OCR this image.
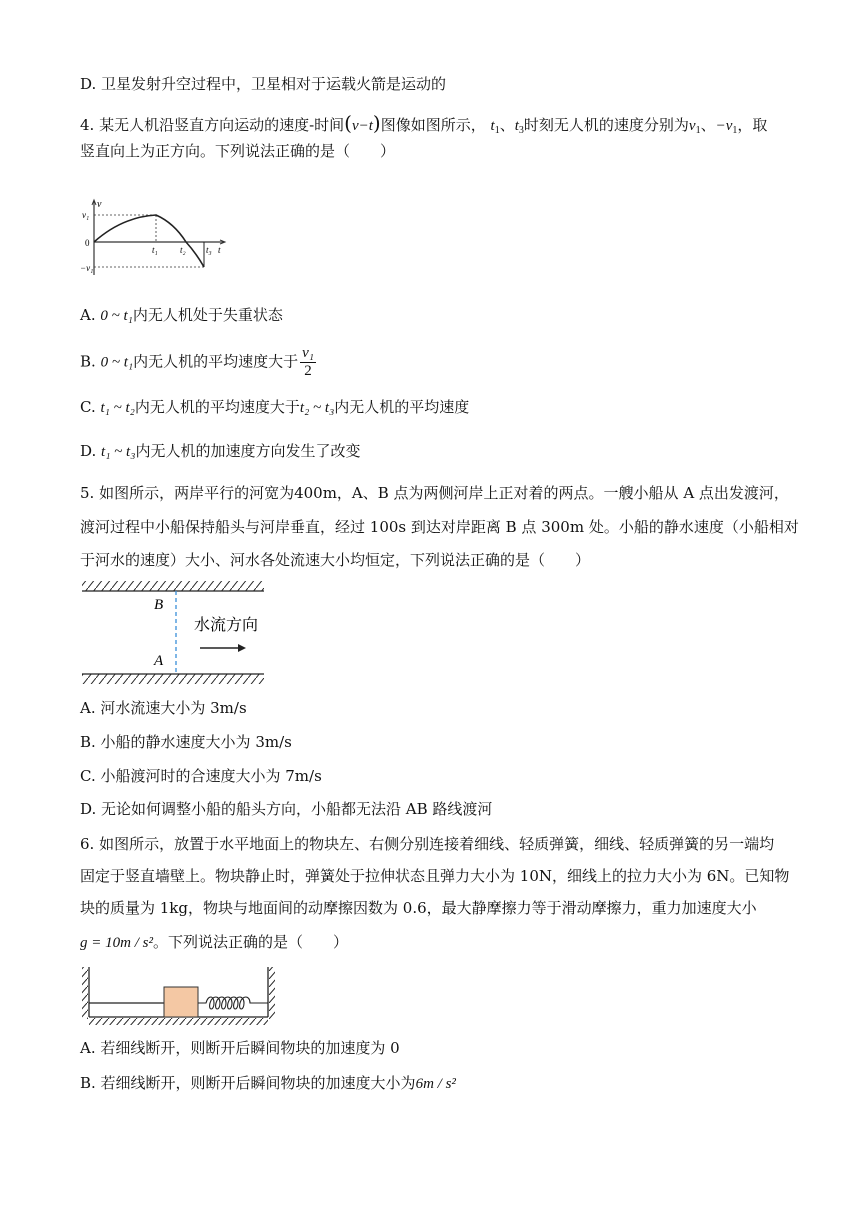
D. 卫星发射升空过程中，卫星相对于运载火箭是运动的
4. 某无人机沿竖直方向运动的速度-时间(v−t)图像如图所示， $t_1$、$t_3$时刻无人机的速度分别为$v_1$、$-v_1$，取
竖直向上为正方向。下列说法正确的是（　　）
v
v₁
0
−v₁
t₁ t₂ t₃ t
A. 0 ~ t₁内无人机处于失重状态
B. 0 ~ t₁内无人机的平均速度大于 $\frac{\text{v₁}}{2}$
C. t₁ ~ t₂内无人机的平均速度大于t₂ ~ t₃内无人机的平均速度
D. t₁ ~ t₃内无人机的加速度方向发生了改变
5. 如图所示，两岸平行的河宽为400m，A、B 点为两侧河岸上正对着的两点。一艘小船从 A 点出发渡河，
渡河过程中小船保持船头与河岸垂直，经过 100s 到达对岸距离 B 点 300m 处。小船的静水速度（小船相对
于河水的速度）大小、河水各处流速大小均恒定，下列说法正确的是（　　）
B
A
水流方向
A. 河水流速大小为 3m/s
B. 小船的静水速度大小为 3m/s
C. 小船渡河时的合速度大小为 7m/s
D. 无论如何调整小船的船头方向，小船都无法沿 AB 路线渡河
6. 如图所示，放置于水平地面上的物块左、右侧分别连接着细线、轻质弹簧，细线、轻质弹簧的另一端均
固定于竖直墙壁上。物块静止时，弹簧处于拉伸状态且弹力大小为 10N，细线上的拉力大小为 6N。已知物
块的质量为 1kg，物块与地面间的动摩擦因数为 0.6，最大静摩擦力等于滑动摩擦力，重力加速度大小
g = 10m / s²。下列说法正确的是（　　）
A. 若细线断开，则断开后瞬间物块的加速度为 0
B. 若细线断开，则断开后瞬间物块的加速度大小为6m / s²
